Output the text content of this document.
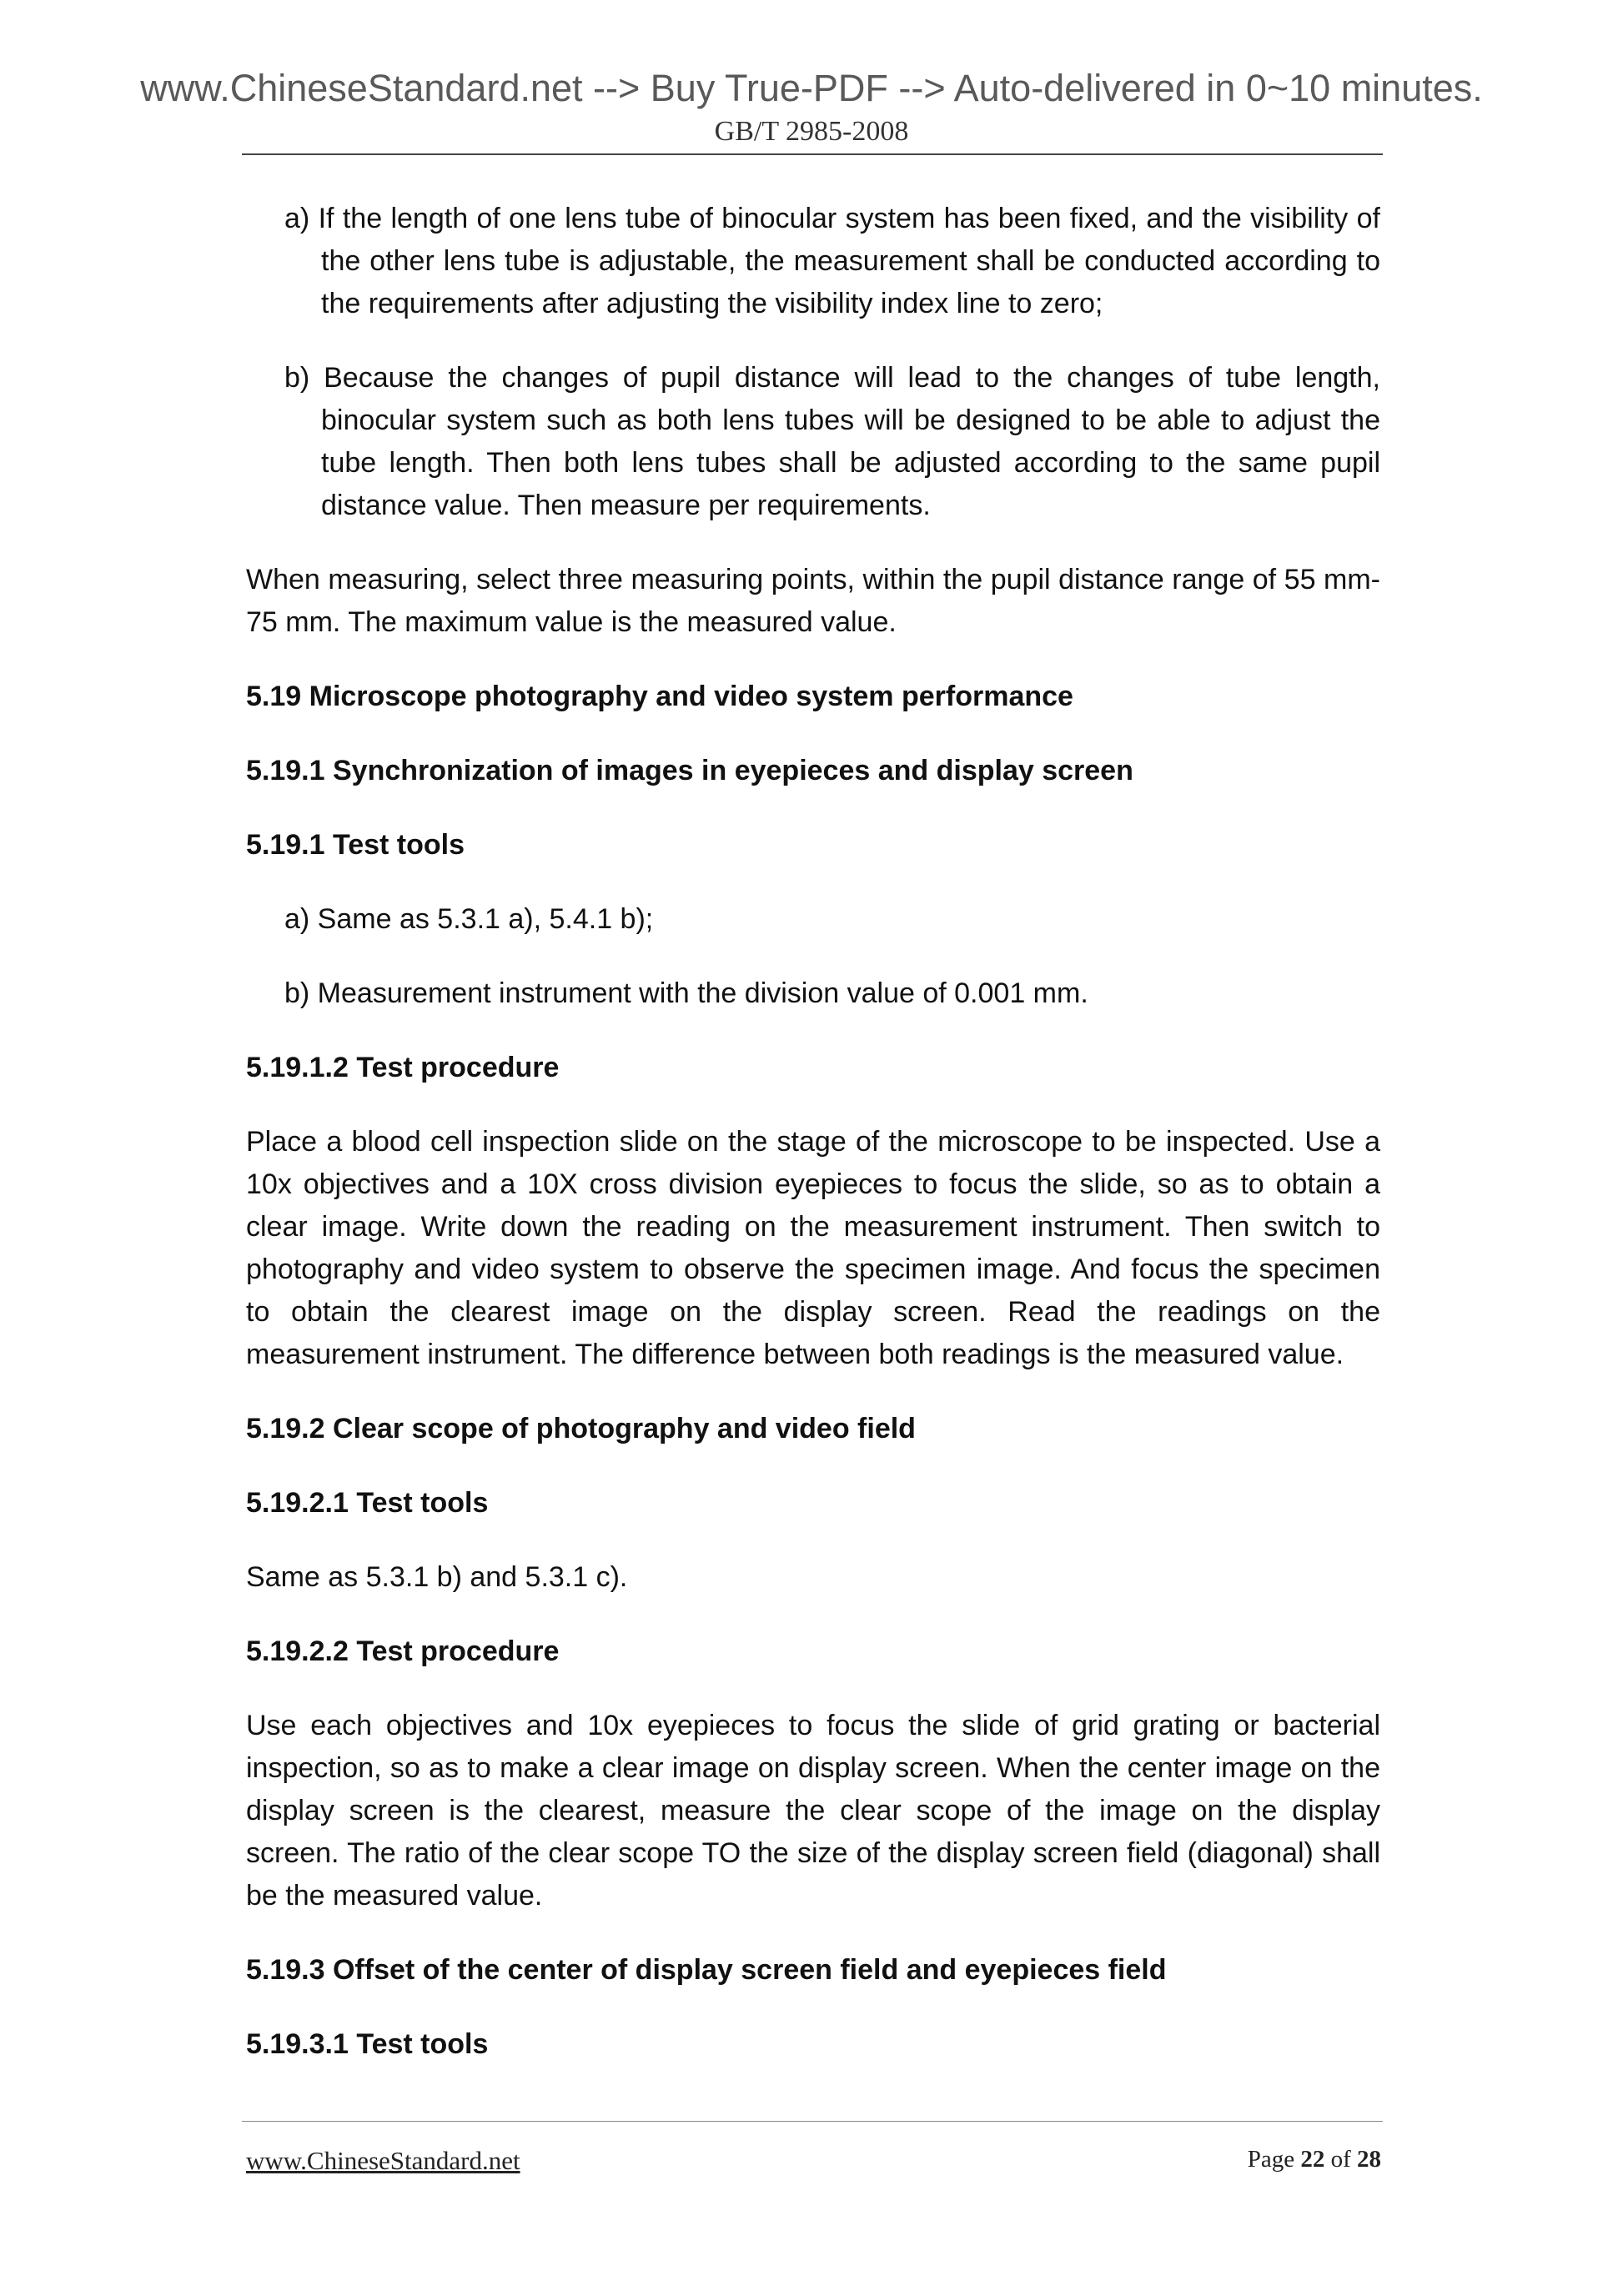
www.ChineseStandard.net --> Buy True-PDF --> Auto-delivered in 0~10 minutes.
GB/T 2985-2008
a) If the length of one lens tube of binocular system has been fixed, and the visibility of the other lens tube is adjustable, the measurement shall be conducted according to the requirements after adjusting the visibility index line to zero;
b) Because the changes of pupil distance will lead to the changes of tube length, binocular system such as both lens tubes will be designed to be able to adjust the tube length. Then both lens tubes shall be adjusted according to the same pupil distance value. Then measure per requirements.
When measuring, select three measuring points, within the pupil distance range of 55 mm-75 mm. The maximum value is the measured value.
5.19 Microscope photography and video system performance
5.19.1 Synchronization of images in eyepieces and display screen
5.19.1 Test tools
a) Same as 5.3.1 a), 5.4.1 b);
b) Measurement instrument with the division value of 0.001 mm.
5.19.1.2 Test procedure
Place a blood cell inspection slide on the stage of the microscope to be inspected. Use a 10x objectives and a 10X cross division eyepieces to focus the slide, so as to obtain a clear image. Write down the reading on the measurement instrument. Then switch to photography and video system to observe the specimen image. And focus the specimen to obtain the clearest image on the display screen. Read the readings on the measurement instrument. The difference between both readings is the measured value.
5.19.2 Clear scope of photography and video field
5.19.2.1 Test tools
Same as 5.3.1 b) and 5.3.1 c).
5.19.2.2 Test procedure
Use each objectives and 10x eyepieces to focus the slide of grid grating or bacterial inspection, so as to make a clear image on display screen. When the center image on the display screen is the clearest, measure the clear scope of the image on the display screen. The ratio of the clear scope TO the size of the display screen field (diagonal) shall be the measured value.
5.19.3 Offset of the center of display screen field and eyepieces field
5.19.3.1 Test tools
www.ChineseStandard.net	Page 22 of 28
